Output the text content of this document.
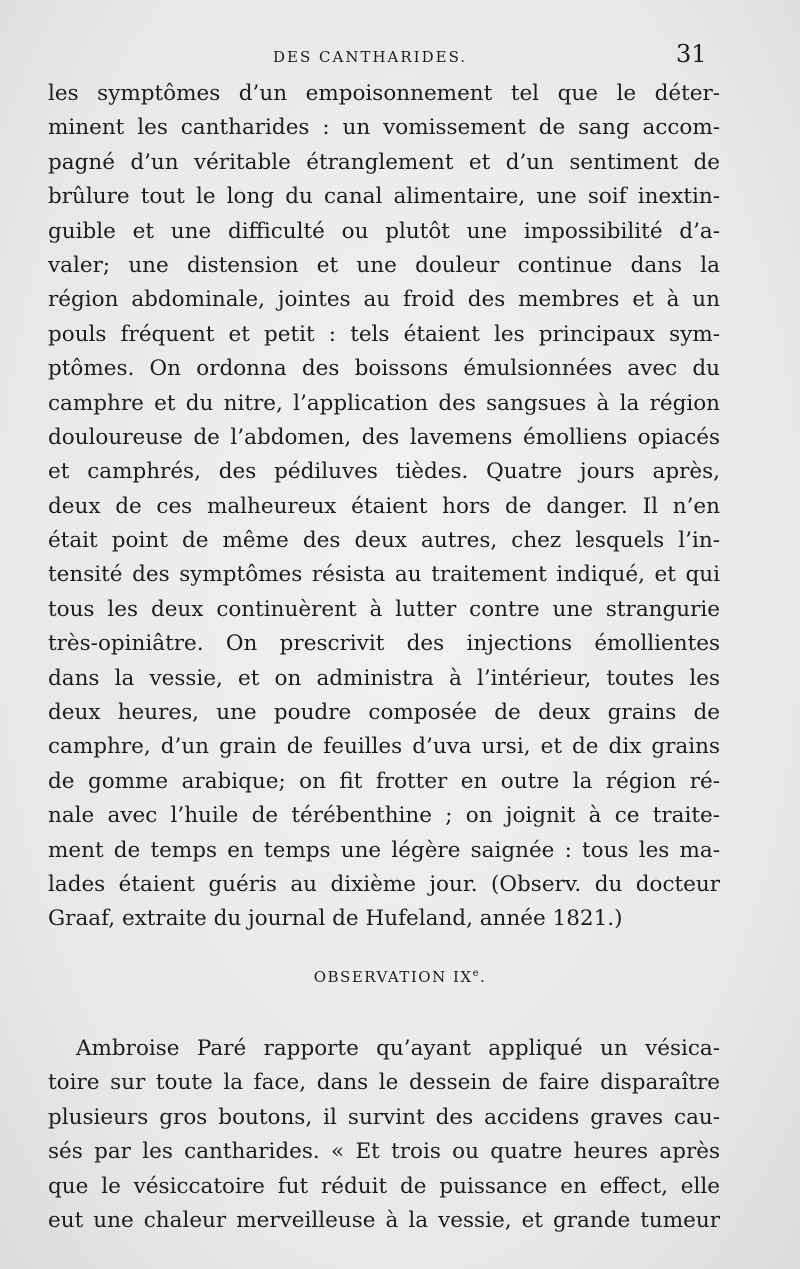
DES CANTHARIDES.	31
les symptômes d’un empoisonnement tel que le déter-
minent les cantharides : un vomissement de sang accom-
pagné d’un véritable étranglement et d’un sentiment de
brûlure tout le long du canal alimentaire, une soif inextin-
guible et une difficulté ou plutôt une impossibilité d’a-
valer; une distension et une douleur continue dans la
région abdominale, jointes au froid des membres et à un
pouls fréquent et petit : tels étaient les principaux sym-
ptômes. On ordonna des boissons émulsionnées avec du
camphre et du nitre, l’application des sangsues à la région
douloureuse de l’abdomen, des lavemens émolliens opiacés
et camphrés, des pédiluves tièdes. Quatre jours après,
deux de ces malheureux étaient hors de danger. Il n’en
était point de même des deux autres, chez lesquels l’in-
tensité des symptômes résista au traitement indiqué, et qui
tous les deux continuèrent à lutter contre une strangurie
très-opiniâtre. On prescrivit des injections émollientes
dans la vessie, et on administra à l’intérieur, toutes les
deux heures, une poudre composée de deux grains de
camphre, d’un grain de feuilles d’uva ursi, et de dix grains
de gomme arabique; on fit frotter en outre la région ré-
nale avec l’huile de térébenthine ; on joignit à ce traite-
ment de temps en temps une légère saignée : tous les ma-
lades étaient guéris au dixième jour. (Observ. du docteur
Graaf, extraite du journal de Hufeland, année 1821.)
OBSERVATION IXe.
Ambroise Paré rapporte qu’ayant appliqué un vésica-
toire sur toute la face, dans le dessein de faire disparaître
plusieurs gros boutons, il survint des accidens graves cau-
sés par les cantharides. « Et trois ou quatre heures après
que le vésiccatoire fut réduit de puissance en effect, elle
eut une chaleur merveilleuse à la vessie, et grande tumeur
